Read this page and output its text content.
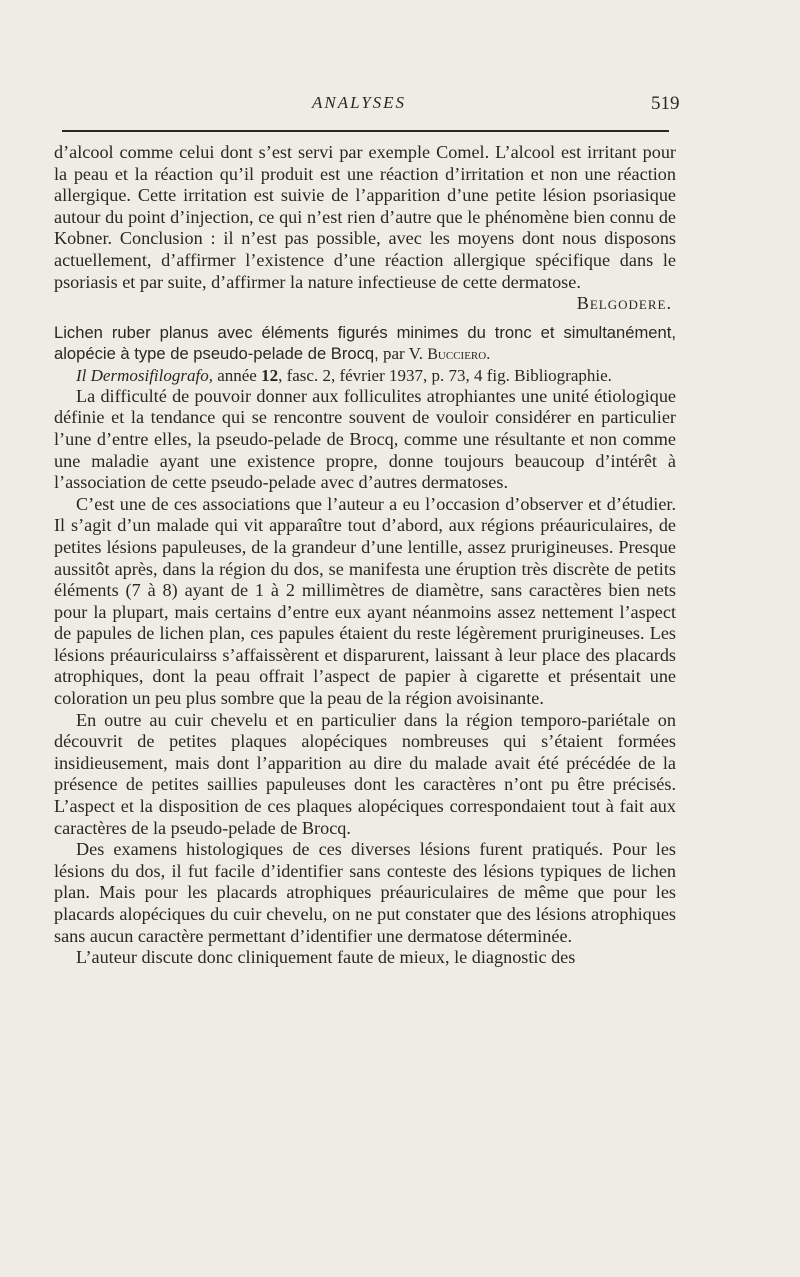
ANALYSES	519

d’alcool comme celui dont s’est servi par exemple Comel. L’alcool est irritant pour la peau et la réaction qu’il produit est une réaction d’irritation et non une réaction allergique. Cette irritation est suivie de l’apparition d’une petite lésion psoriasique autour du point d’injection, ce qui n’est rien d’autre que le phénomène bien connu de Kobner. Conclusion : il n’est pas possible, avec les moyens dont nous disposons actuellement, d’affirmer l’existence d’une réaction allergique spécifique dans le psoriasis et par suite, d’affirmer la nature infectieuse de cette dermatose.

Belgodere.

Lichen ruber planus avec éléments figurés minimes du tronc et simultanément, alopécie à type de pseudo-pelade de Brocq, par V. Bucciero.

Il Dermosifilografo, année 12, fasc. 2, février 1937, p. 73, 4 fig. Bibliographie.

La difficulté de pouvoir donner aux folliculites atrophiantes une unité étiologique définie et la tendance qui se rencontre souvent de vouloir considérer en particulier l’une d’entre elles, la pseudo-pelade de Brocq, comme une résultante et non comme une maladie ayant une existence propre, donne toujours beaucoup d’intérêt à l’association de cette pseudo-pelade avec d’autres dermatoses.

C’est une de ces associations que l’auteur a eu l’occasion d’observer et d’étudier. Il s’agit d’un malade qui vit apparaître tout d’abord, aux régions préauriculaires, de petites lésions papuleuses, de la grandeur d’une lentille, assez prurigineuses. Presque aussitôt après, dans la région du dos, se manifesta une éruption très discrète de petits éléments (7 à 8) ayant de 1 à 2 millimètres de diamètre, sans caractères bien nets pour la plupart, mais certains d’entre eux ayant néanmoins assez nettement l’aspect de papules de lichen plan, ces papules étaient du reste légèrement prurigineuses. Les lésions préauriculairss s’affaissèrent et disparurent, laissant à leur place des placards atrophiques, dont la peau offrait l’aspect de papier à cigarette et présentait une coloration un peu plus sombre que la peau de la région avoisinante.

En outre au cuir chevelu et en particulier dans la région temporo-pariétale on découvrit de petites plaques alopéciques nombreuses qui s’étaient formées insidieusement, mais dont l’apparition au dire du malade avait été précédée de la présence de petites saillies papuleuses dont les caractères n’ont pu être précisés. L’aspect et la disposition de ces plaques alopéciques correspondaient tout à fait aux caractères de la pseudo-pelade de Brocq.

Des examens histologiques de ces diverses lésions furent pratiqués. Pour les lésions du dos, il fut facile d’identifier sans conteste des lésions typiques de lichen plan. Mais pour les placards atrophiques préauriculaires de même que pour les placards alopéciques du cuir chevelu, on ne put constater que des lésions atrophiques sans aucun caractère permettant d’identifier une dermatose déterminée.

L’auteur discute donc cliniquement faute de mieux, le diagnostic des
